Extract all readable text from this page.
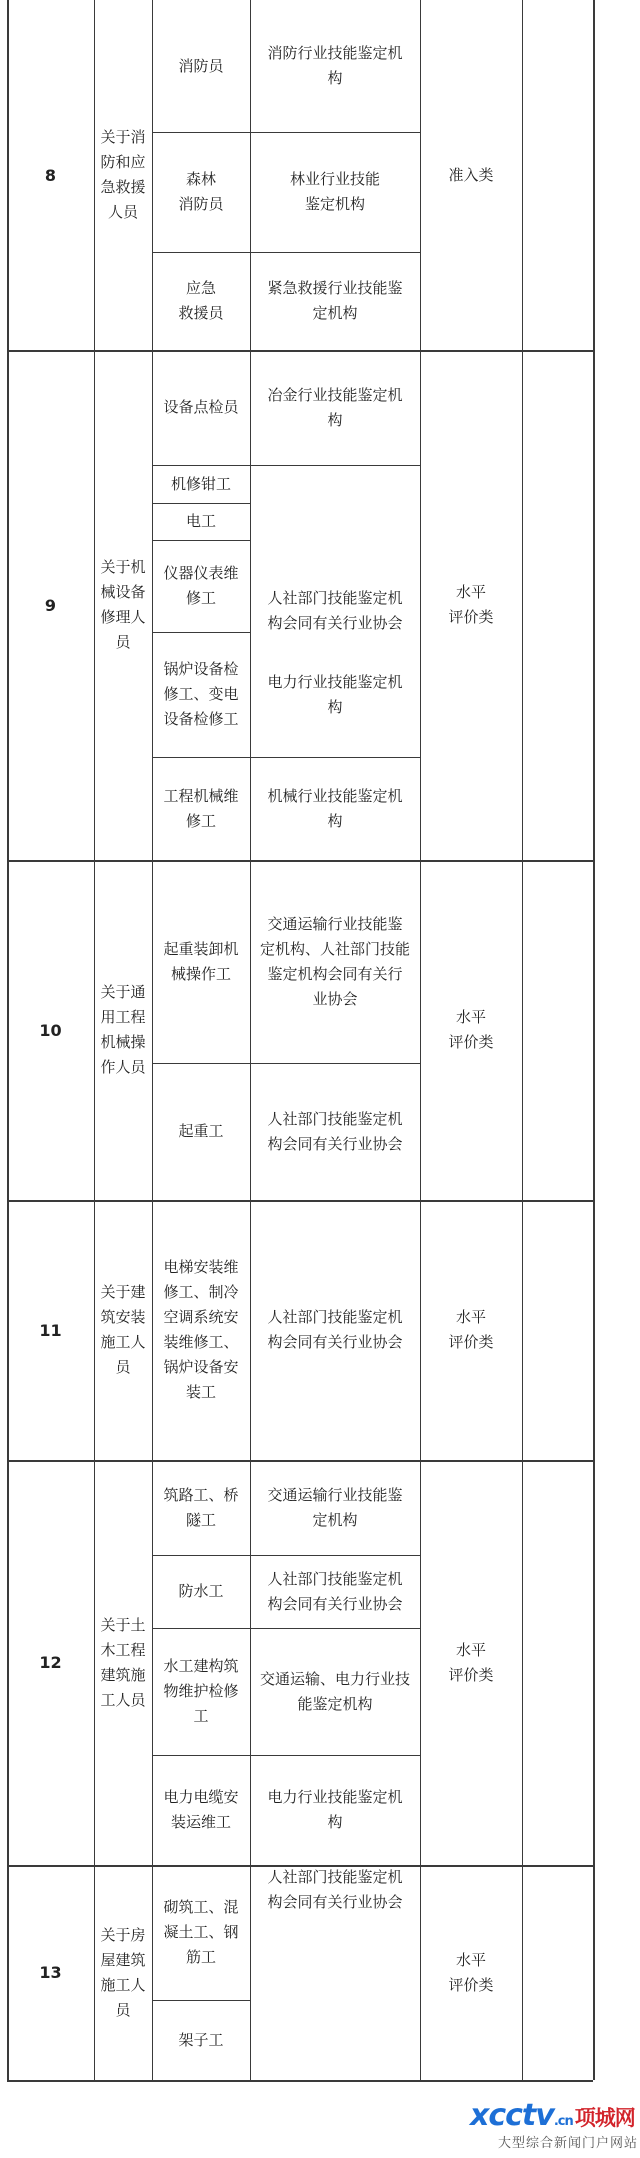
8
关于消
防和应
急救援
人员
消防员
消防行业技能鉴定机
构
森林
消防员
林业行业技能
鉴定机构
应急
救援员
紧急救援行业技能鉴
定机构
准入类
9
关于机
械设备
修理人
员
设备点检员
冶金行业技能鉴定机
构
机修钳工
电工
仪器仪表维
修工
锅炉设备检
修工、变电
设备检修工
电力行业技能鉴定机
构
工程机械维
修工
机械行业技能鉴定机
构
人社部门技能鉴定机
构会同有关行业协会
水平
评价类
10
关于通
用工程
机械操
作人员
起重装卸机
械操作工
交通运输行业技能鉴
定机构、人社部门技能
鉴定机构会同有关行
业协会
起重工
人社部门技能鉴定机
构会同有关行业协会
水平
评价类
11
关于建
筑安装
施工人
员
电梯安装维
修工、制冷
空调系统安
装维修工、
锅炉设备安
装工
人社部门技能鉴定机
构会同有关行业协会
水平
评价类
12
关于土
木工程
建筑施
工人员
筑路工、桥
隧工
交通运输行业技能鉴
定机构
防水工
人社部门技能鉴定机
构会同有关行业协会
水工建构筑
物维护检修
工
交通运输、电力行业技
能鉴定机构
电力电缆安
装运维工
电力行业技能鉴定机
构
水平
评价类
13
关于房
屋建筑
施工人
员
砌筑工、混
凝土工、钢
筋工
架子工
人社部门技能鉴定机
构会同有关行业协会
水平
评价类
xcctv.cn项城网
大型综合新闻门户网站
